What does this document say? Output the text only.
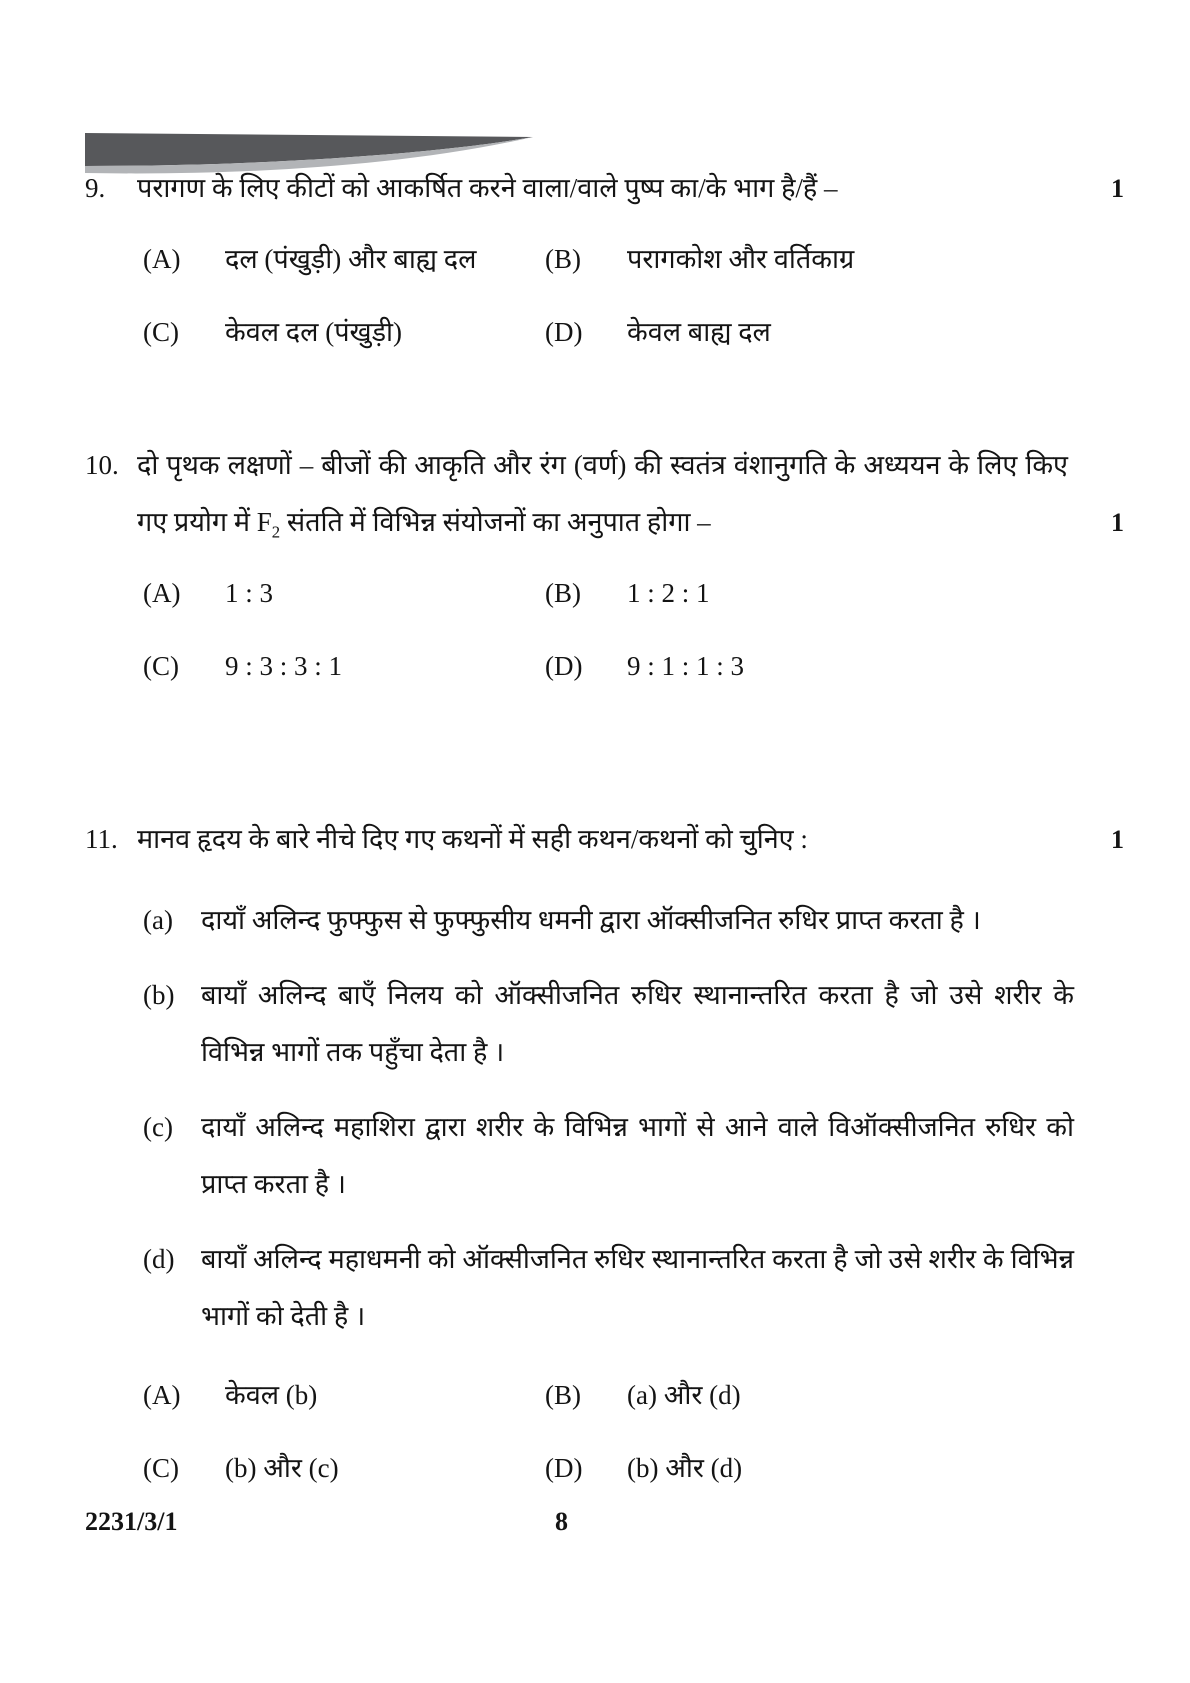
9.	परागण के लिए कीटों को आकर्षित करने वाला/वाले पुष्प का/के भाग है/हैं –	1
(A)	दल (पंखुड़ी) और बाह्य दल	(B)	परागकोश और वर्तिकाग्र
(C)	केवल दल (पंखुड़ी)	(D)	केवल बाह्य दल
10. दो पृथक लक्षणों – बीजों की आकृति और रंग (वर्ण) की स्वतंत्र वंशानुगति के अध्ययन के लिए किए गए प्रयोग में $F_2$ संतति में विभिन्न संयोजनों का अनुपात होगा –	1
(A)	1 : 3	(B)	1 : 2 : 1
(C)	9 : 3 : 3 : 1	(D)	9 : 1 : 1 : 3
11. मानव हृदय के बारे नीचे दिए गए कथनों में सही कथन/कथनों को चुनिए :	1
(a)	दायाँ अलिन्द फुफ्फुस से फुफ्फुसीय धमनी द्वारा ऑक्सीजनित रुधिर प्राप्त करता है ।
(b) बायाँ अलिन्द बाएँ निलय को ऑक्सीजनित रुधिर स्थानान्तरित करता है जो उसे शरीर के विभिन्न भागों तक पहुँचा देता है ।
(c)	दायाँ अलिन्द महाशिरा द्वारा शरीर के विभिन्न भागों से आने वाले विऑक्सीजनित रुधिर को प्राप्त करता है ।
(d) बायाँ अलिन्द महाधमनी को ऑक्सीजनित रुधिर स्थानान्तरित करता है जो उसे शरीर के विभिन्न भागों को देती है ।
(A)	केवल (b)	(B)	(a) और (d)
(C)	(b) और (c)	(D)	(b) और (d)
2231/3/1	8
